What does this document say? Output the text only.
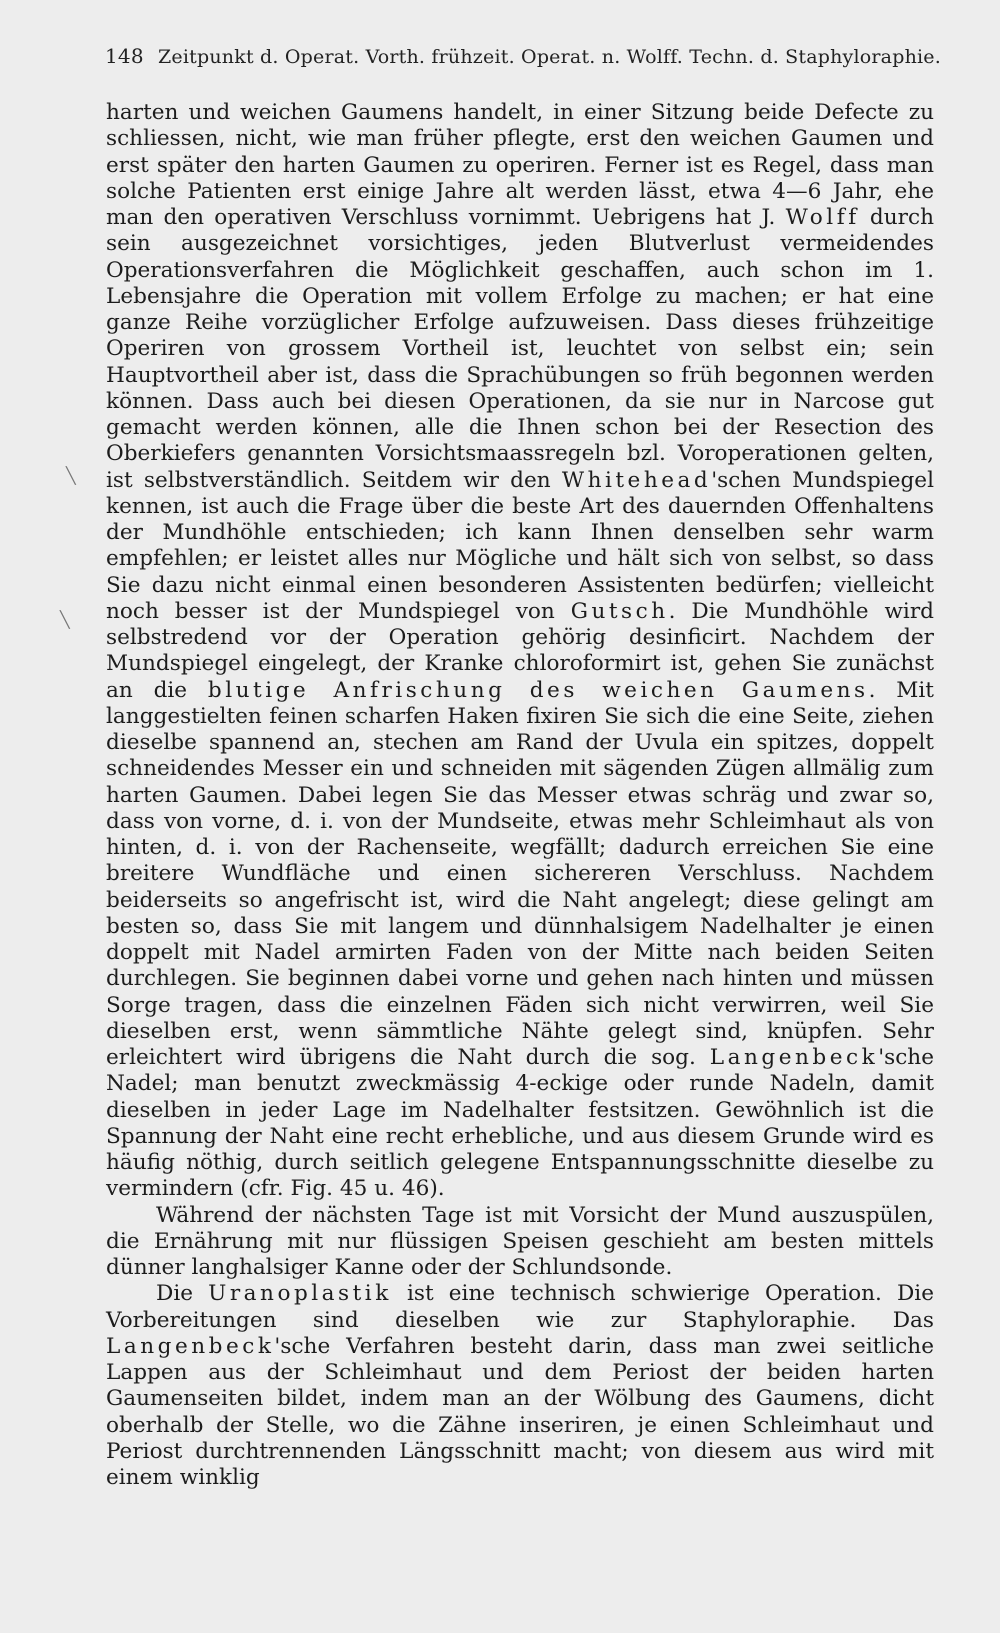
148 Zeitpunkt d. Operat. Vorth. frühzeit. Operat. n. Wolff. Techn. d. Staphyloraphie.

harten und weichen Gaumens handelt, in einer Sitzung beide Defecte zu schliessen, nicht, wie man früher pflegte, erst den weichen Gaumen und erst später den harten Gaumen zu operiren. Ferner ist es Regel, dass man solche Patienten erst einige Jahre alt werden lässt, etwa 4—6 Jahr, ehe man den operativen Verschluss vornimmt. Uebrigens hat J. Wolff durch sein ausgezeichnet vorsichtiges, jeden Blutverlust vermeidendes Operationsverfahren die Möglichkeit geschaffen, auch schon im 1. Lebensjahre die Operation mit vollem Erfolge zu machen; er hat eine ganze Reihe vorzüglicher Erfolge aufzuweisen. Dass dieses frühzeitige Operiren von grossem Vortheil ist, leuchtet von selbst ein; sein Hauptvortheil aber ist, dass die Sprachübungen so früh begonnen werden können. Dass auch bei diesen Operationen, da sie nur in Narcose gut gemacht werden können, alle die Ihnen schon bei der Resection des Oberkiefers genannten Vorsichtsmaassregeln bzl. Voroperationen gelten, ist selbstverständlich. Seitdem wir den Whitehead'schen Mundspiegel kennen, ist auch die Frage über die beste Art des dauernden Offenhaltens der Mundhöhle entschieden; ich kann Ihnen denselben sehr warm empfehlen; er leistet alles nur Mögliche und hält sich von selbst, so dass Sie dazu nicht einmal einen besonderen Assistenten bedürfen; vielleicht noch besser ist der Mundspiegel von Gutsch. Die Mundhöhle wird selbstredend vor der Operation gehörig desinficirt. Nachdem der Mundspiegel eingelegt, der Kranke chloroformirt ist, gehen Sie zunächst an die blutige Anfrischung des weichen Gaumens. Mit langgestielten feinen scharfen Haken fixiren Sie sich die eine Seite, ziehen dieselbe spannend an, stechen am Rand der Uvula ein spitzes, doppelt schneidendes Messer ein und schneiden mit sägenden Zügen allmälig zum harten Gaumen. Dabei legen Sie das Messer etwas schräg und zwar so, dass von vorne, d. i. von der Mundseite, etwas mehr Schleimhaut als von hinten, d. i. von der Rachenseite, wegfällt; dadurch erreichen Sie eine breitere Wundfläche und einen sichereren Verschluss. Nachdem beiderseits so angefrischt ist, wird die Naht angelegt; diese gelingt am besten so, dass Sie mit langem und dünnhalsigem Nadelhalter je einen doppelt mit Nadel armirten Faden von der Mitte nach beiden Seiten durchlegen. Sie beginnen dabei vorne und gehen nach hinten und müssen Sorge tragen, dass die einzelnen Fäden sich nicht verwirren, weil Sie dieselben erst, wenn sämmtliche Nähte gelegt sind, knüpfen. Sehr erleichtert wird übrigens die Naht durch die sog. Langenbeck'sche Nadel; man benutzt zweckmässig 4-eckige oder runde Nadeln, damit dieselben in jeder Lage im Nadelhalter festsitzen. Gewöhnlich ist die Spannung der Naht eine recht erhebliche, und aus diesem Grunde wird es häufig nöthig, durch seitlich gelegene Entspannungsschnitte dieselbe zu vermindern (cfr. Fig. 45 u. 46).

Während der nächsten Tage ist mit Vorsicht der Mund auszuspülen, die Ernährung mit nur flüssigen Speisen geschieht am besten mittels dünner langhalsiger Kanne oder der Schlundsonde.

Die Uranoplastik ist eine technisch schwierige Operation. Die Vorbereitungen sind dieselben wie zur Staphyloraphie. Das Langenbeck'sche Verfahren besteht darin, dass man zwei seitliche Lappen aus der Schleimhaut und dem Periost der beiden harten Gaumenseiten bildet, indem man an der Wölbung des Gaumens, dicht oberhalb der Stelle, wo die Zähne inseriren, je einen Schleimhaut und Periost durchtrennenden Längsschnitt macht; von diesem aus wird mit einem winklig

╲
╲
